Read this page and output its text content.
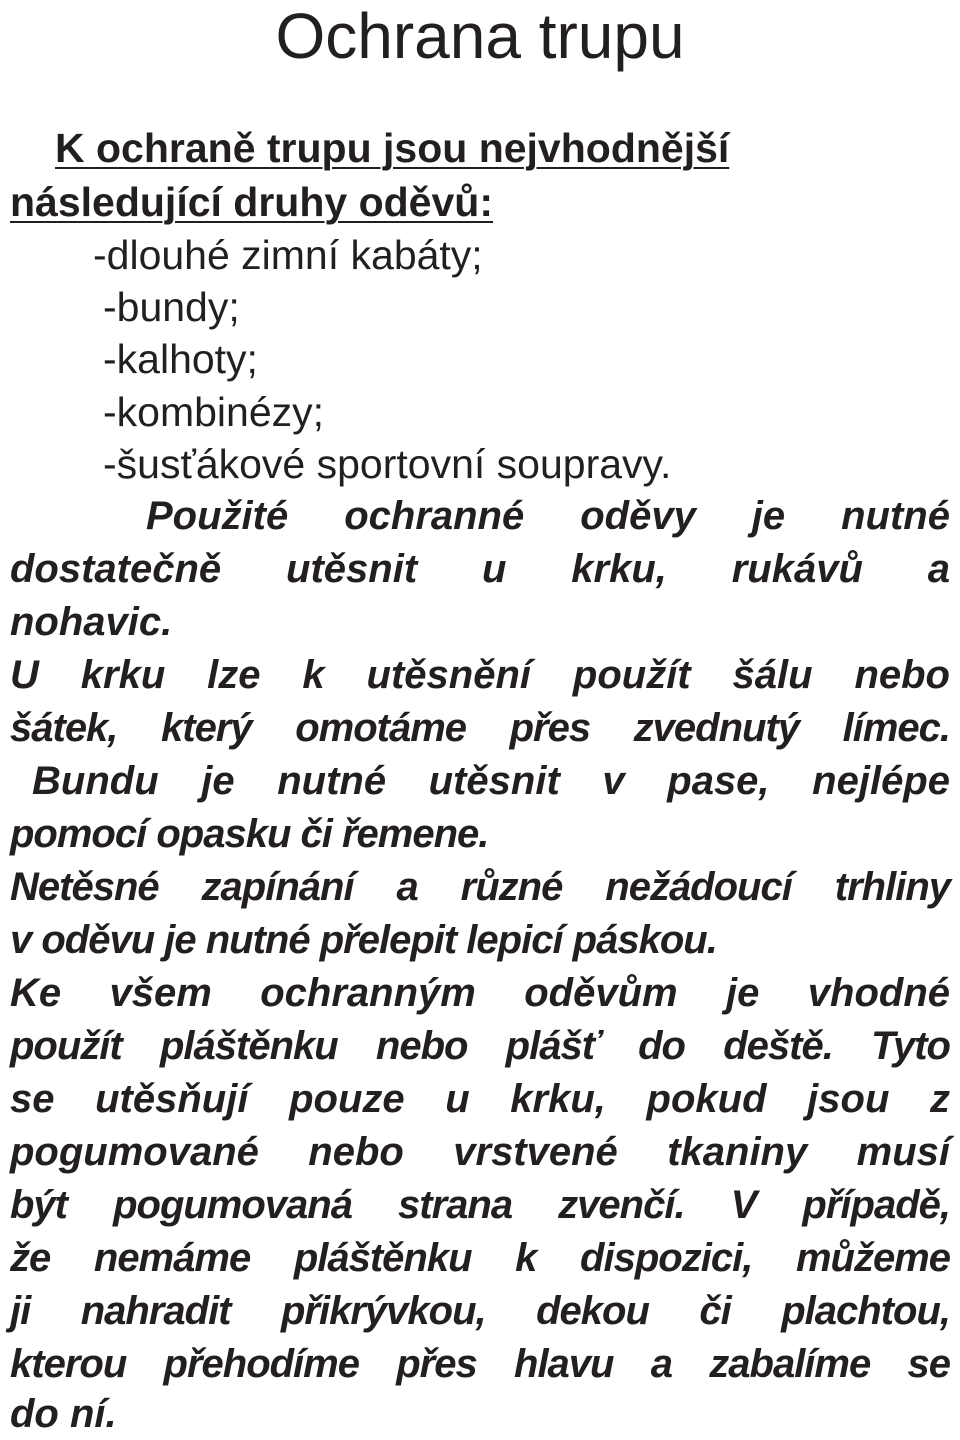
Ochrana trupu

K ochraně trupu jsou nejvhodnější

následující druhy oděvů:

-dlouhé zimní kabáty;

-bundy;

-kalhoty;

-kombinézy;

-šusťákové sportovní soupravy.

Použité ochranné oděvy je nutné

dostatečně utěsnit u krku, rukávů a

nohavic.

U krku lze k utěsnění použít šálu nebo

šátek, který omotáme přes zvednutý límec.

Bundu je nutné utěsnit v pase, nejlépe

pomocí opasku či řemene.

Netěsné zapínání a různé nežádoucí trhliny

v oděvu je nutné přelepit lepicí páskou.

Ke všem ochranným oděvům je vhodné

použít pláštěnku nebo plášť do deště. Tyto

se utěsňují pouze u krku, pokud jsou z

pogumované nebo vrstvené tkaniny musí

být pogumovaná strana zvenčí. V případě,

že nemáme pláštěnku k dispozici, můžeme

ji nahradit přikrývkou, dekou či plachtou,

kterou přehodíme přes hlavu a zabalíme se

do ní.
